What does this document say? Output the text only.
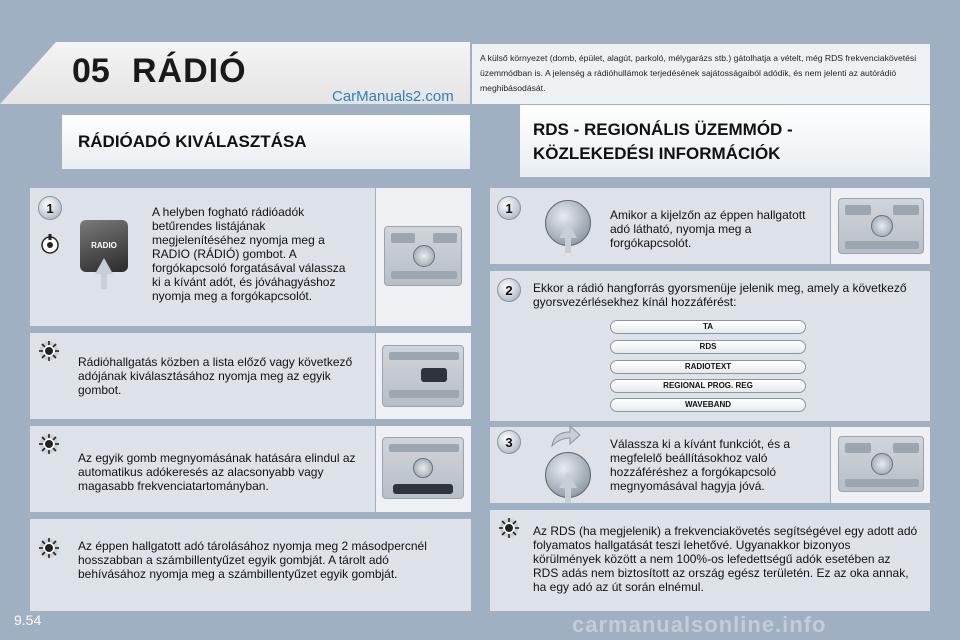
05 RÁDIÓ
CarManuals2.com
A külső környezet (domb, épület, alagút, parkoló, mélygarázs stb.) gátolhatja a vételt, még RDS frekvenciakövetési üzemmódban is. A jelenség a rádióhullámok terjedésének sajátosságaiból adódik, és nem jelenti az autórádió meghibásodását.
RÁDIÓADÓ KIVÁLASZTÁSA
1
RADIO
A helyben fogható rádióadók betűrendes listájának megjelenítéséhez nyomja meg a RADIO (RÁDIÓ) gombot. A forgókapcsoló forgatásával válassza ki a kívánt adót, és jóváhagyáshoz nyomja meg a forgókapcsolót.
Rádióhallgatás közben a lista előző vagy következő adójának kiválasztásához nyomja meg az egyik gombot.
Az egyik gomb megnyomásának hatására elindul az automatikus adókeresés az alacsonyabb vagy magasabb frekvenciatartományban.
Az éppen hallgatott adó tárolásához nyomja meg 2 másodpercnél hosszabban a számbillentyűzet egyik gombját. A tárolt adó behívásához nyomja meg a számbillentyűzet egyik gombját.
RDS - REGIONÁLIS ÜZEMMÓD -
KÖZLEKEDÉSI INFORMÁCIÓK
1	Amikor a kijelzőn az éppen hallgatott adó látható, nyomja meg a forgókapcsolót.
2	Ekkor a rádió hangforrás gyorsmenüje jelenik meg, amely a következő gyorsvezérlésekhez kínál hozzáférést:
TA
RDS
RADIOTEXT
REGIONAL PROG. REG
WAVEBAND
3	Válassza ki a kívánt funkciót, és a megfelelő beállításokhoz való hozzáféréshez a forgókapcsoló megnyomásával hagyja jóvá.
Az RDS (ha megjelenik) a frekvenciakövetés segítségével egy adott adó folyamatos hallgatását teszi lehetővé. Ugyanakkor bizonyos körülmények között a nem 100%-os lefedettségű adók esetében az RDS adás nem biztosított az ország egész területén. Ez az oka annak, ha egy adó az út során elnémul.
9.54	carmanualsonline.info
